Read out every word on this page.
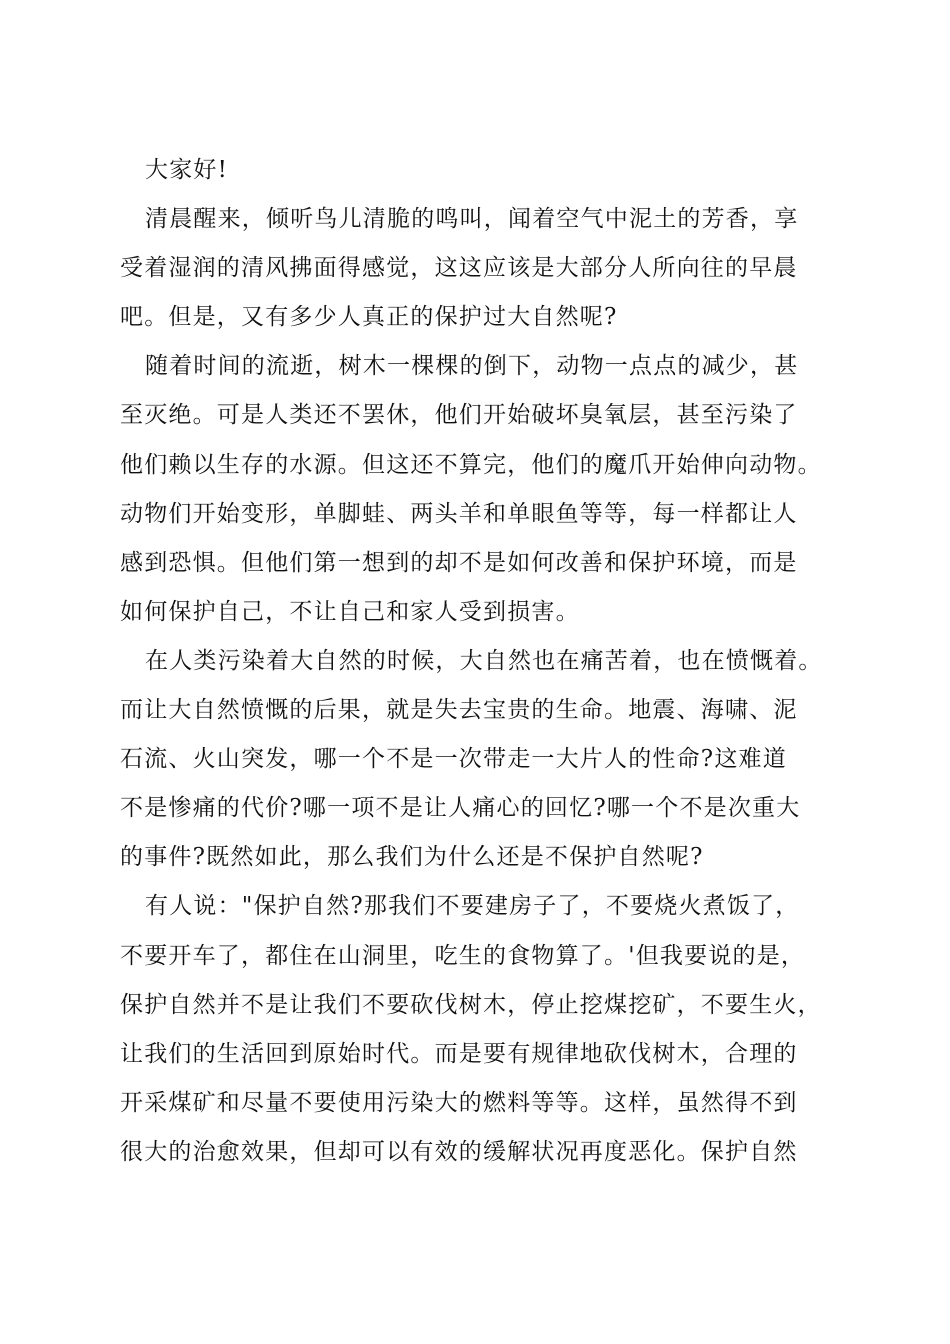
大家好!
清晨醒来，倾听鸟儿清脆的鸣叫，闻着空气中泥土的芳香，享
受着湿润的清风拂面得感觉，这这应该是大部分人所向往的早晨
吧。但是，又有多少人真正的保护过大自然呢?
随着时间的流逝，树木一棵棵的倒下，动物一点点的减少，甚
至灭绝。可是人类还不罢休，他们开始破坏臭氧层，甚至污染了
他们赖以生存的水源。但这还不算完，他们的魔爪开始伸向动物。
动物们开始变形，单脚蛙、两头羊和单眼鱼等等，每一样都让人
感到恐惧。但他们第一想到的却不是如何改善和保护环境，而是
如何保护自己，不让自己和家人受到损害。
在人类污染着大自然的时候，大自然也在痛苦着，也在愤慨着。
而让大自然愤慨的后果，就是失去宝贵的生命。地震、海啸、泥
石流、火山突发，哪一个不是一次带走一大片人的性命?这难道
不是惨痛的代价?哪一项不是让人痛心的回忆?哪一个不是次重大
的事件?既然如此，那么我们为什么还是不保护自然呢?
有人说："保护自然?那我们不要建房子了，不要烧火煮饭了，
不要开车了，都住在山洞里，吃生的食物算了。'但我要说的是，
保护自然并不是让我们不要砍伐树木，停止挖煤挖矿，不要生火，
让我们的生活回到原始时代。而是要有规律地砍伐树木，合理的
开采煤矿和尽量不要使用污染大的燃料等等。这样，虽然得不到
很大的治愈效果，但却可以有效的缓解状况再度恶化。保护自然
